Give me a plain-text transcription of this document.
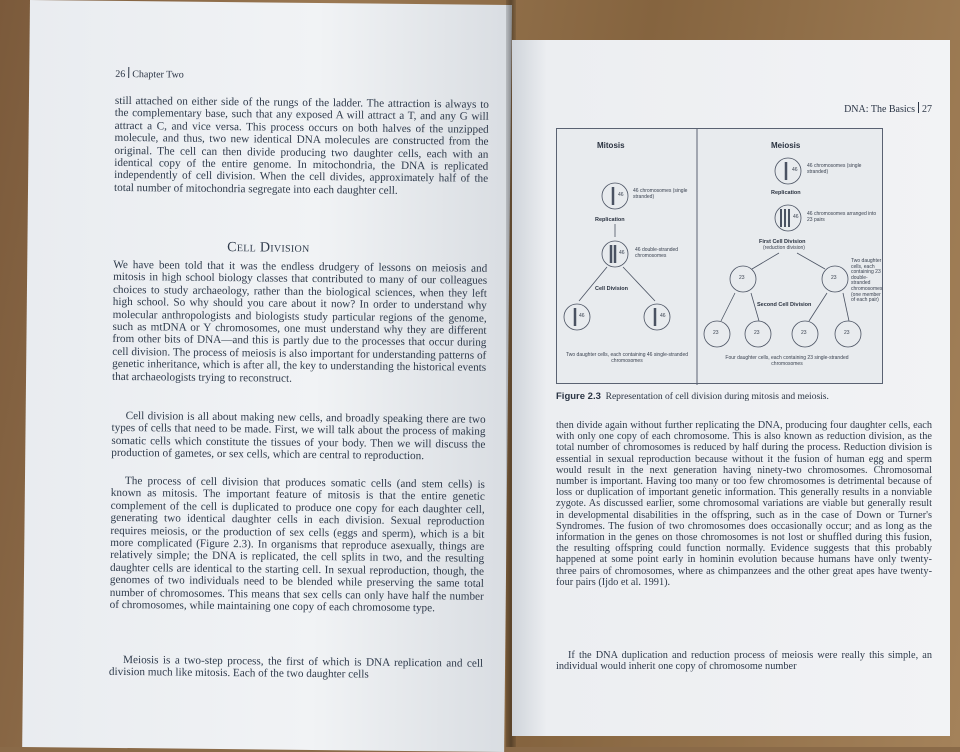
26 Chapter Two

still attached on either side of the rungs of the ladder. The attraction is always to the complementary base, such that any exposed A will attract a T, and any G will attract a C, and vice versa. This process occurs on both halves of the unzipped molecule, and thus, two new identical DNA molecules are constructed from the original. The cell can then divide producing two daughter cells, each with an identical copy of the entire genome. In mitochondria, the DNA is replicated independently of cell division. When the cell divides, approximately half of the total number of mitochondria segregate into each daughter cell.

Cell Division

We have been told that it was the endless drudgery of lessons on meiosis and mitosis in high school biology classes that contributed to many of our colleagues choices to study archaeology, rather than the biological sciences, when they left high school. So why should you care about it now? In order to understand why molecular anthropologists and biologists study particular regions of the genome, such as mtDNA or Y chromosomes, one must understand why they are different from other bits of DNA—and this is partly due to the processes that occur during cell division. The process of meiosis is also important for understanding patterns of genetic inheritance, which is after all, the key to understanding the historical events that archaeologists trying to reconstruct.

Cell division is all about making new cells, and broadly speaking there are two types of cells that need to be made. First, we will talk about the process of making somatic cells which constitute the tissues of your body. Then we will discuss the production of gametes, or sex cells, which are central to reproduction.

The process of cell division that produces somatic cells (and stem cells) is known as mitosis. The important feature of mitosis is that the entire genetic complement of the cell is duplicated to produce one copy for each daughter cell, generating two identical daughter cells in each division. Sexual reproduction requires meiosis, or the production of sex cells (eggs and sperm), which is a bit more complicated (Figure 2.3). In organisms that reproduce asexually, things are relatively simple; the DNA is replicated, the cell splits in two, and the resulting daughter cells are identical to the starting cell. In sexual reproduction, though, the genomes of two individuals need to be blended while preserving the same total number of chromosomes. This means that sex cells can only have half the number of chromosomes, while maintaining one copy of each chromosome type.

Meiosis is a two-step process, the first of which is DNA replication and cell division much like mitosis. Each of the two daughter cells

DNA: The Basics 27
Mitosis	Meiosis
46
46 chromosomes (single stranded)
Replication
46 46 double-stranded chromosomes
Cell Division
46	46
Two daughter cells, each containing 46 single-stranded chromosomes
46
46 chromosomes (single stranded)
Replication
46 46 chromosomes arranged into 23 pairs
First Cell Division
(reduction division)
23	23
Two daughter cells, each containing 23 double-stranded chromosomes (one member of each pair)
Second Cell Division
23	23	23	23
Four daughter cells, each containing 23 single-stranded chromosomes
Figure 2.3 Representation of cell division during mitosis and meiosis.

then divide again without further replicating the DNA, producing four daughter cells, each with only one copy of each chromosome. This is also known as reduction division, as the total number of chromosomes is reduced by half during the process. Reduction division is essential in sexual reproduction because without it the fusion of human egg and sperm would result in the next generation having ninety-two chromosomes. Chromosomal number is important. Having too many or too few chromosomes is detrimental because of loss or duplication of important genetic information. This generally results in a nonviable zygote. As discussed earlier, some chromosomal variations are viable but generally result in developmental disabilities in the offspring, such as in the case of Down or Turner's Syndromes. The fusion of two chromosomes does occasionally occur; and as long as the information in the genes on those chromosomes is not lost or shuffled during this fusion, the resulting offspring could function normally. Evidence suggests that this probably happened at some point early in hominin evolution because humans have only twenty-three pairs of chromosomes, where as chimpanzees and the other great apes have twenty-four pairs (Ijdo et al. 1991).

If the DNA duplication and reduction process of meiosis were really this simple, an individual would inherit one copy of chromosome number
